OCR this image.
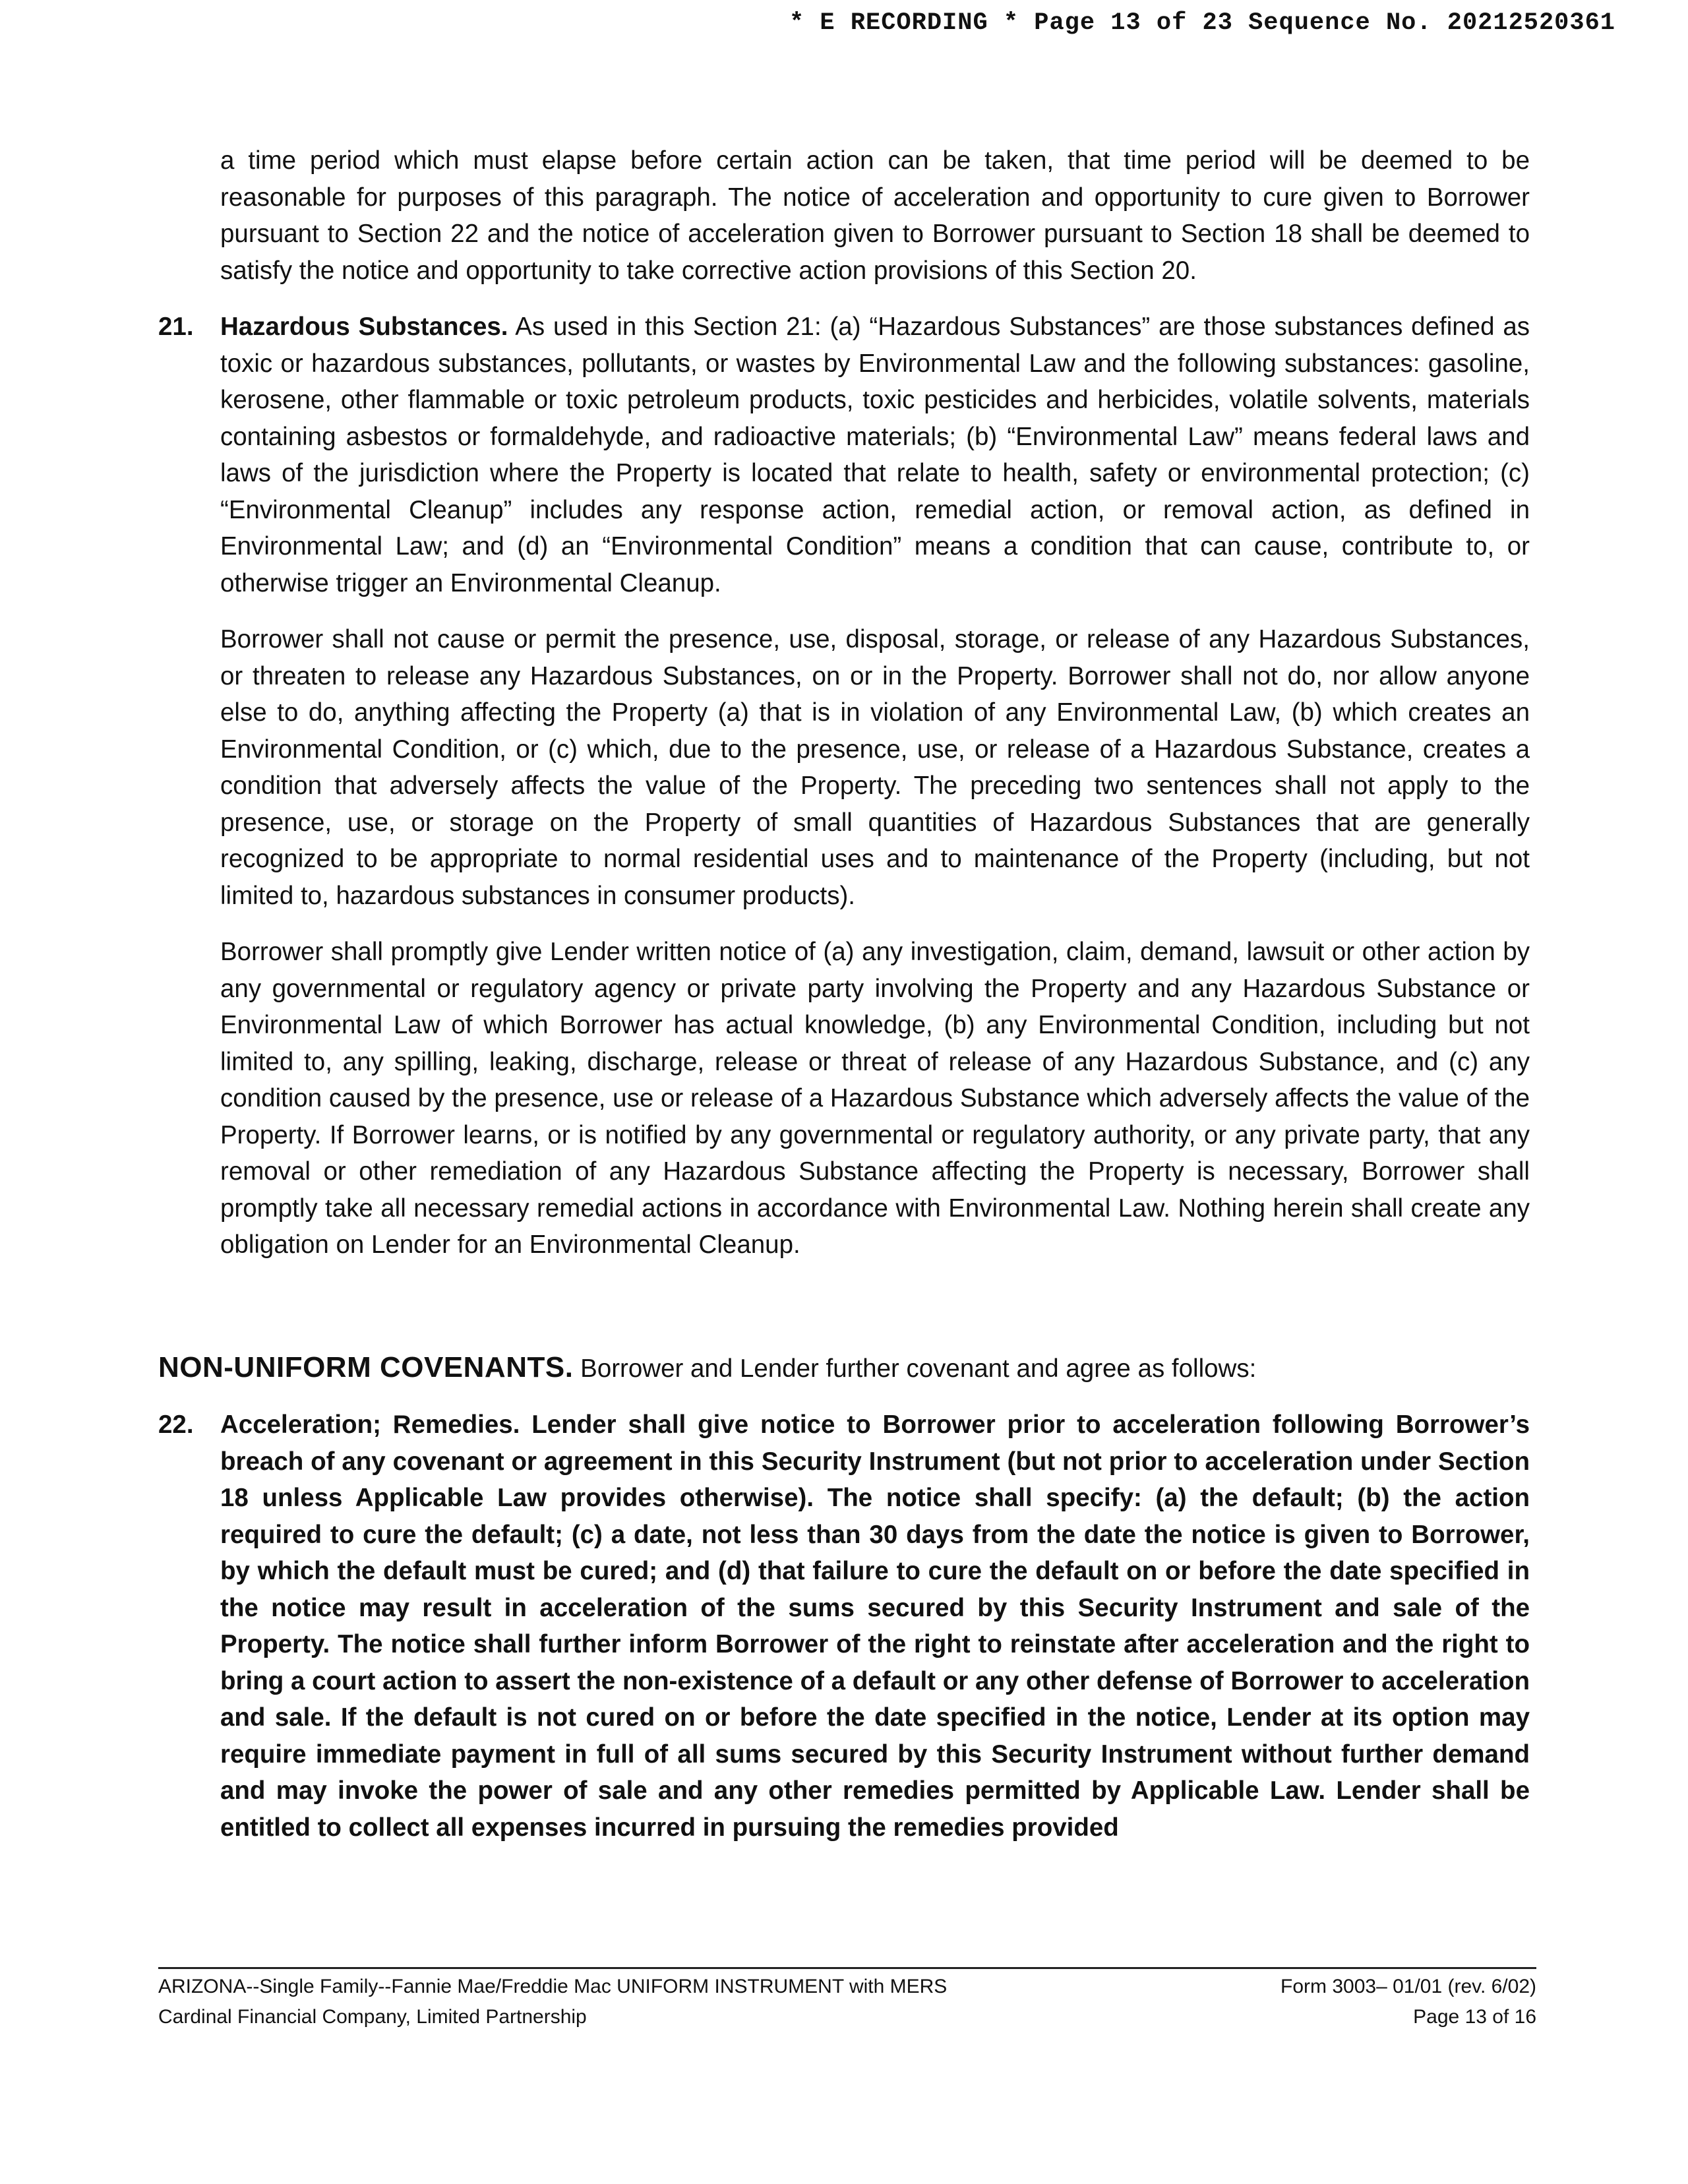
* E RECORDING * Page 13 of 23 Sequence No. 20212520361

a time period which must elapse before certain action can be taken, that time period will be deemed to be reasonable for purposes of this paragraph. The notice of acceleration and opportunity to cure given to Borrower pursuant to Section 22 and the notice of acceleration given to Borrower pursuant to Section 18 shall be deemed to satisfy the notice and opportunity to take corrective action provisions of this Section 20.

21. Hazardous Substances. As used in this Section 21: (a) “Hazardous Substances” are those substances defined as toxic or hazardous substances, pollutants, or wastes by Environmental Law and the following substances: gasoline, kerosene, other flammable or toxic petroleum products, toxic pesticides and herbicides, volatile solvents, materials containing asbestos or formaldehyde, and radioactive materials; (b) “Environmental Law” means federal laws and laws of the jurisdiction where the Property is located that relate to health, safety or environmental protection; (c) “Environmental Cleanup” includes any response action, remedial action, or removal action, as defined in Environmental Law; and (d) an “Environmental Condition” means a condition that can cause, contribute to, or otherwise trigger an Environmental Cleanup.

Borrower shall not cause or permit the presence, use, disposal, storage, or release of any Hazardous Substances, or threaten to release any Hazardous Substances, on or in the Property. Borrower shall not do, nor allow anyone else to do, anything affecting the Property (a) that is in violation of any Environmental Law, (b) which creates an Environmental Condition, or (c) which, due to the presence, use, or release of a Hazardous Substance, creates a condition that adversely affects the value of the Property. The preceding two sentences shall not apply to the presence, use, or storage on the Property of small quantities of Hazardous Substances that are generally recognized to be appropriate to normal residential uses and to maintenance of the Property (including, but not limited to, hazardous substances in consumer products).

Borrower shall promptly give Lender written notice of (a) any investigation, claim, demand, lawsuit or other action by any governmental or regulatory agency or private party involving the Property and any Hazardous Substance or Environmental Law of which Borrower has actual knowledge, (b) any Environmental Condition, including but not limited to, any spilling, leaking, discharge, release or threat of release of any Hazardous Substance, and (c) any condition caused by the presence, use or release of a Hazardous Substance which adversely affects the value of the Property. If Borrower learns, or is notified by any governmental or regulatory authority, or any private party, that any removal or other remediation of any Hazardous Substance affecting the Property is necessary, Borrower shall promptly take all necessary remedial actions in accordance with Environmental Law. Nothing herein shall create any obligation on Lender for an Environmental Cleanup.

NON-UNIFORM COVENANTS. Borrower and Lender further covenant and agree as follows:
22. Acceleration; Remedies. Lender shall give notice to Borrower prior to acceleration following Borrower’s breach of any covenant or agreement in this Security Instrument (but not prior to acceleration under Section 18 unless Applicable Law provides otherwise). The notice shall specify: (a) the default; (b) the action required to cure the default; (c) a date, not less than 30 days from the date the notice is given to Borrower, by which the default must be cured; and (d) that failure to cure the default on or before the date specified in the notice may result in acceleration of the sums secured by this Security Instrument and sale of the Property. The notice shall further inform Borrower of the right to reinstate after acceleration and the right to bring a court action to assert the non-existence of a default or any other defense of Borrower to acceleration and sale. If the default is not cured on or before the date specified in the notice, Lender at its option may require immediate payment in full of all sums secured by this Security Instrument without further demand and may invoke the power of sale and any other remedies permitted by Applicable Law. Lender shall be entitled to collect all expenses incurred in pursuing the remedies provided
ARIZONA--Single Family--Fannie Mae/Freddie Mac UNIFORM INSTRUMENT with MERS	Form 3003– 01/01 (rev. 6/02)
Cardinal Financial Company, Limited Partnership	Page 13 of 16
